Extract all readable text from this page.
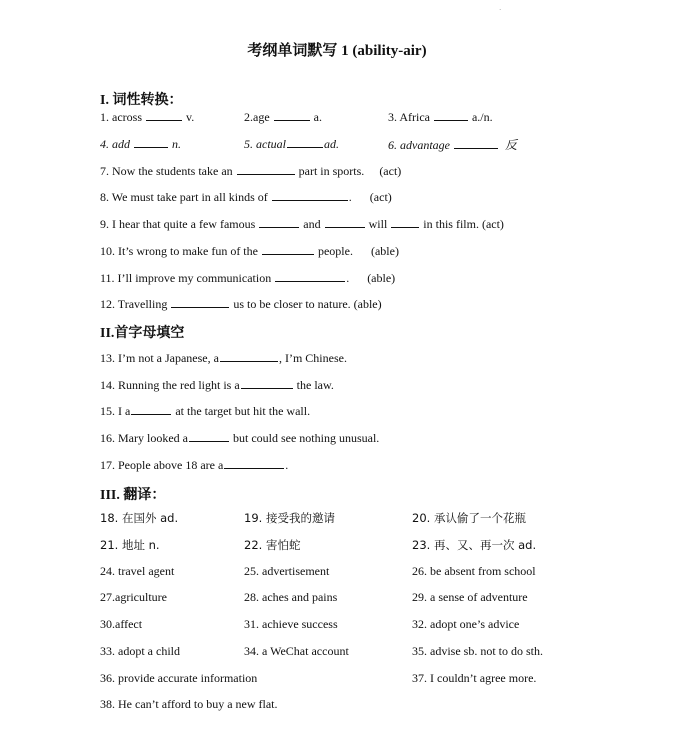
·
考纲单词默写 1 (ability-air)
I. 词性转换：
1. across	v.	2.age	a.	3. Africa	a./n.
4. add	n.	5. actual	ad.	6. advantage	反
7. Now the students take an	part in sports. (act)
8. We must take part in all kinds of	. (act)
9. I hear that quite a few famous	and	will	in this film. (act)
10. It’s wrong to make fun of the	people. (able)
11. I’ll improve my communication	. (able)
12. Travelling	us to be closer to nature. (able)
II.首字母填空
13. I’m not a Japanese, a	, I’m Chinese.
14. Running the red light is a	the law.
15. I a	at the target but hit the wall.
16. Mary looked a	but could see nothing unusual.
17. People above 18 are a	.
III. 翻译：
18. 在国外 ad.	19. 接受我的邀请	20. 承认偷了一个花瓶
21. 地址 n.	22. 害怕蛇	23. 再、又、再一次 ad.
24. travel agent	25. advertisement	26. be absent from school
27.agriculture	28. aches and pains	29. a sense of adventure
30.affect	31. achieve success	32. adopt one’s advice
33. adopt a child	34. a WeChat account	35. advise sb. not to do sth.
36. provide accurate information	37. I couldn’t agree more.
38. He can’t afford to buy a new flat.
